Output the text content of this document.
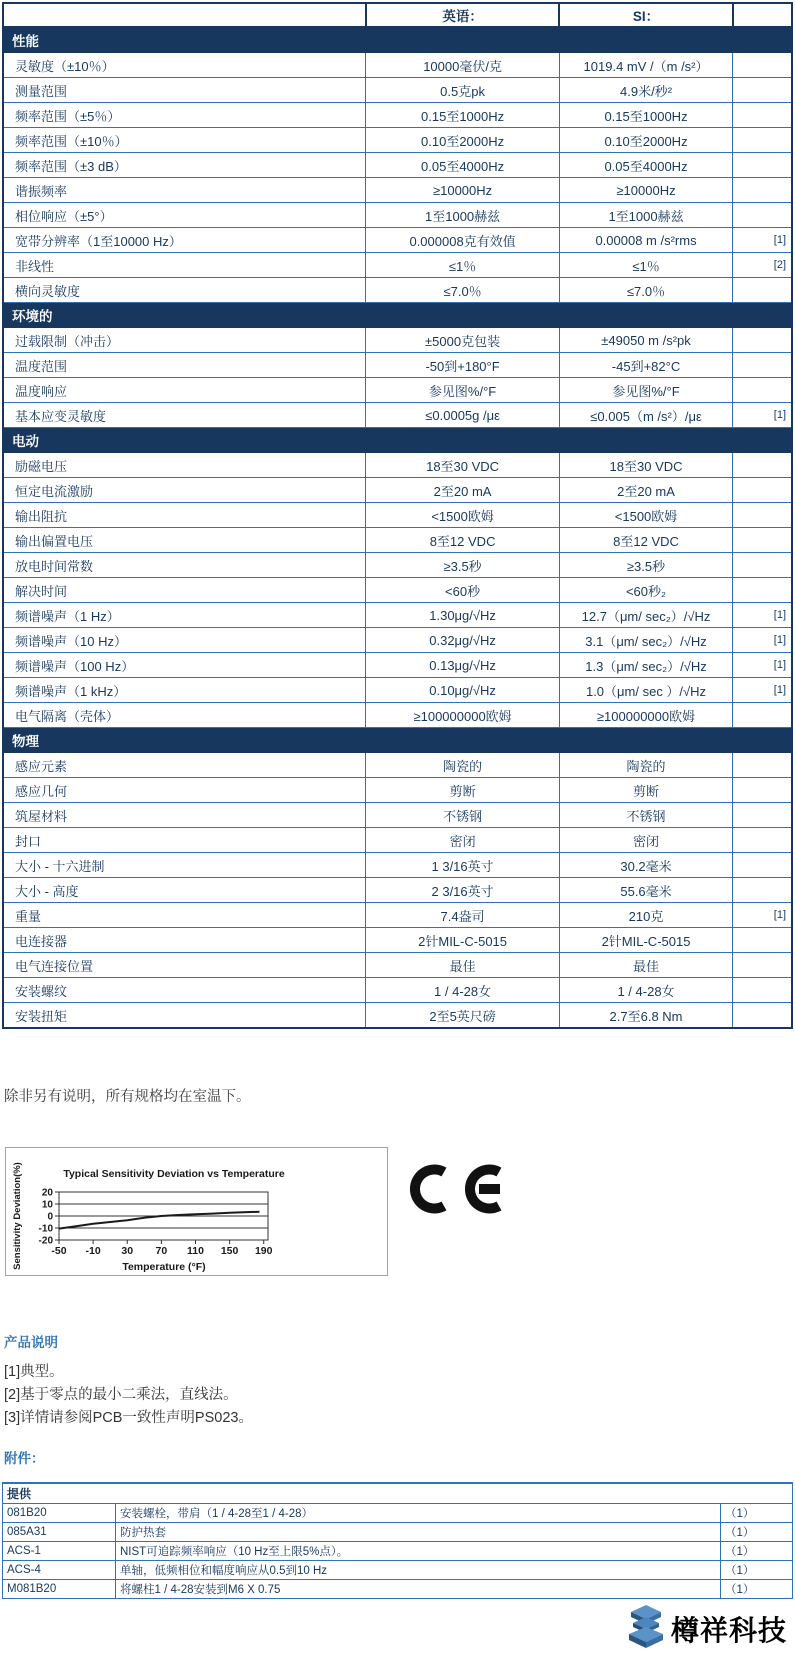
	英语：	SI：	
性能			
灵敏度（±10％）	10000毫伏/克	1019.4 mV /（m /s²）	
测量范围	0.5克pk	4.9米/秒²	
频率范围（±5％）	0.15至1000Hz	0.15至1000Hz	
频率范围（±10％）	0.10至2000Hz	0.10至2000Hz	
频率范围（±3 dB）	0.05至4000Hz	0.05至4000Hz	
谐振频率	≥10000Hz	≥10000Hz	
相位响应（±5°）	1至1000赫兹	1至1000赫兹	
宽带分辨率（1至10000 Hz）	0.000008克有效值	0.00008 m /s²rms	[1]
非线性	≤1％	≤1％	[2]
横向灵敏度	≤7.0％	≤7.0％	
环境的			
过载限制（冲击）	±5000克包装	±49050 m /s²pk	
温度范围	-50到+180°F	-45到+82°C	
温度响应	参见图%/°F	参见图%/°F	
基本应变灵敏度	≤0.0005g /με	≤0.005（m /s²）/με	[1]
电动			
励磁电压	18至30 VDC	18至30 VDC	
恒定电流激励	2至20 mA	2至20 mA	
输出阻抗	<1500欧姆	<1500欧姆	
输出偏置电压	8至12 VDC	8至12 VDC	
放电时间常数	≥3.5秒	≥3.5秒	
解决时间	<60秒	<60秒₂	
频谱噪声（1 Hz）	1.30μg/√Hz	12.7（μm/ sec₂）/√Hz	[1]
频谱噪声（10 Hz）	0.32μg/√Hz	3.1（μm/ sec₂）/√Hz	[1]
频谱噪声（100 Hz）	0.13μg/√Hz	1.3（μm/ sec₂）/√Hz	[1]
频谱噪声（1 kHz）	0.10μg/√Hz	1.0（μm/ sec ）/√Hz	[1]
电气隔离（壳体）	≥100000000欧姆	≥100000000欧姆	
物理			
感应元素	陶瓷的	陶瓷的	
感应几何	剪断	剪断	
筑屋材料	不锈钢	不锈钢	
封口	密闭	密闭	
大小 - 十六进制	1 3/16英寸	30.2毫米	
大小 - 高度	2 3/16英寸	55.6毫米	
重量	7.4盎司	210克	[1]
电连接器	2针MIL-C-5015	2针MIL-C-5015	
电气连接位置	最佳	最佳	
安装螺纹	1 / 4-28女	1 / 4-28女	
安装扭矩	2至5英尺磅	2.7至6.8 Nm	
除非另有说明，所有规格均在室温下。
Typical Sensitivity Deviation vs Temperature
Sensitivity Deviation(%)	Temperature (°F)
20
10
0
-10
-20
-50 -10 30 70 110 150 190
产品说明
[1]典型。
[2]基于零点的最小二乘法，直线法。
[3]详情请参阅PCB一致性声明PS023。
附件：
提供		
081B20	安装螺栓，带肩（1 / 4-28至1 / 4-28）	（1）
085A31	防护热套	（1）
ACS-1	NIST可追踪频率响应（10 Hz至上限5%点）。	（1）
ACS-4	单轴，低频相位和幅度响应从0.5到10 Hz	（1）
M081B20	将螺柱1 / 4-28安装到M6 X 0.75	（1）
樽祥科技
